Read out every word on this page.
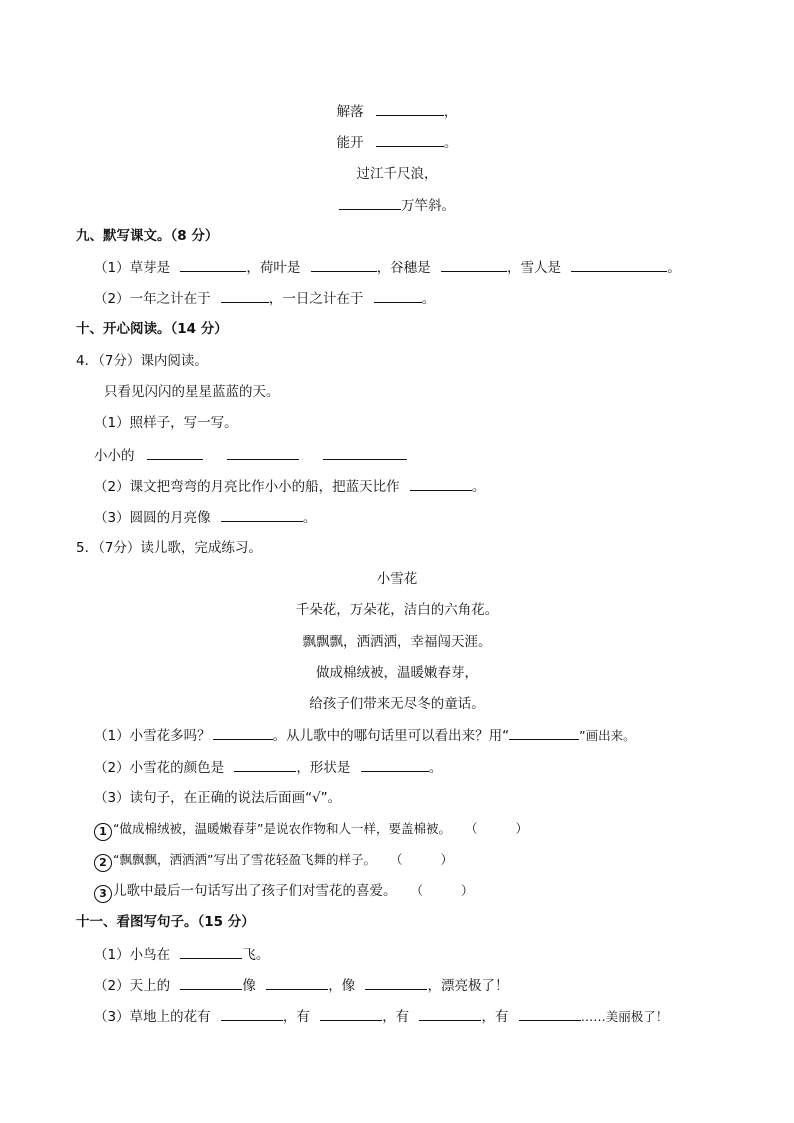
解落	，
能开	。
过江千尺浪，
万竿斜。
九、默写课文。（8 分）
（1）草芽是	，荷叶是	，谷穗是	，雪人是	。
（2）一年之计在于	，一日之计在于	。
十、开心阅读。（14 分）
4．（7分）课内阅读。
只看见闪闪的星星蓝蓝的天。
（1）照样子，写一写。
小小的
（2）课文把弯弯的月亮比作小小的船，把蓝天比作	。
（3）圆圆的月亮像	。
5．（7分）读儿歌，完成练习。
小雪花
千朵花，万朵花，洁白的六角花。
飘飘飘，洒洒洒，幸福闯天涯。
做成棉绒被，温暖嫩春芽，
给孩子们带来无尽冬的童话。
（1）小雪花多吗？	。从儿歌中的哪句话里可以看出来？用“	”画出来。
（2）小雪花的颜色是	，形状是	。
（3）读句子，在正确的说法后面画“√”。
1 “做成棉绒被，温暖嫩春芽”是说农作物和人一样，要盖棉被。 （	）
2 “飘飘飘，洒洒洒”写出了雪花轻盈飞舞的样子。 （	）
3 儿歌中最后一句话写出了孩子们对雪花的喜爱。 （	）
十一、看图写句子。（15 分）
（1）小鸟在	飞。
（2）天上的	像	，像	，漂亮极了！
（3）草地上的花有	，有	，有	，有	……美丽极了！
